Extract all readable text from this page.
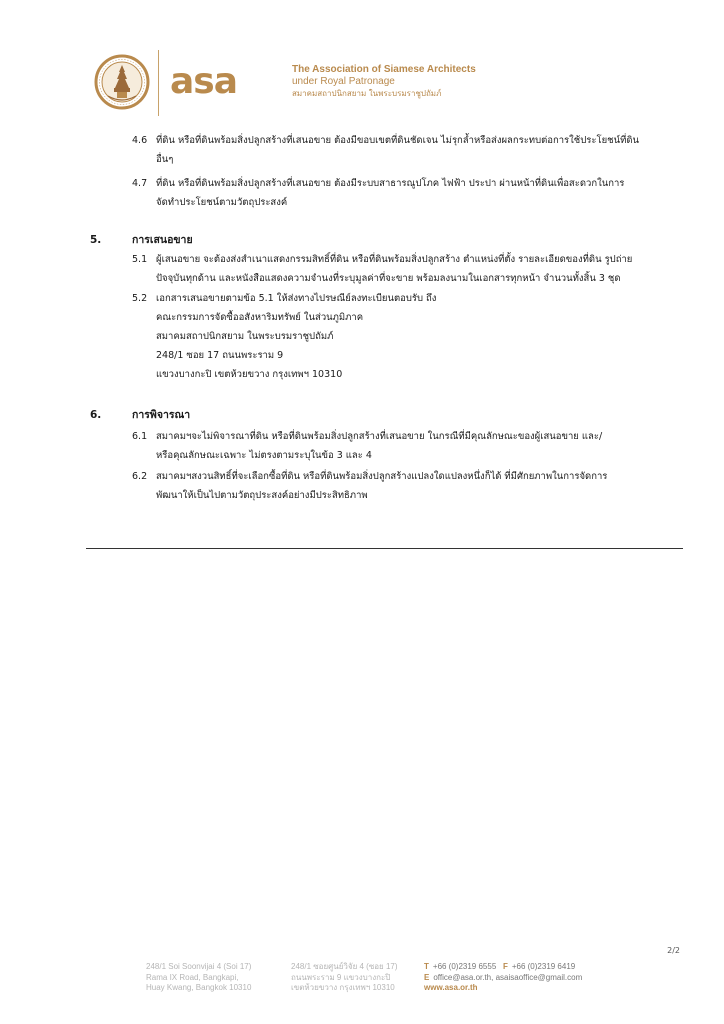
asa	The Association of Siamese Architects
under Royal Patronage
สมาคมสถาปนิกสยาม ในพระบรมราชูปถัมภ์
4.6 ที่ดิน หรือที่ดินพร้อมสิ่งปลูกสร้างที่เสนอขาย ต้องมีขอบเขตที่ดินชัดเจน ไม่รุกล้ำหรือส่งผลกระทบต่อการใช้ประโยชน์ที่ดิน
อื่นๆ
4.7 ที่ดิน หรือที่ดินพร้อมสิ่งปลูกสร้างที่เสนอขาย ต้องมีระบบสาธารณูปโภค ไฟฟ้า ประปา ผ่านหน้าที่ดินเพื่อสะดวกในการ
จัดทำประโยชน์ตามวัตถุประสงค์
5.	การเสนอขาย
5.1 ผู้เสนอขาย จะต้องส่งสำเนาแสดงกรรมสิทธิ์ที่ดิน หรือที่ดินพร้อมสิ่งปลูกสร้าง ตำแหน่งที่ตั้ง รายละเอียดของที่ดิน รูปถ่าย
ปัจจุบันทุกด้าน และหนังสือแสดงความจำนงที่ระบุมูลค่าที่จะขาย พร้อมลงนามในเอกสารทุกหน้า จำนวนทั้งสิ้น 3 ชุด
5.2 เอกสารเสนอขายตามข้อ 5.1 ให้ส่งทางไปรษณีย์ลงทะเบียนตอบรับ ถึง
คณะกรรมการจัดซื้ออสังหาริมทรัพย์ ในส่วนภูมิภาค
สมาคมสถาปนิกสยาม ในพระบรมราชูปถัมภ์
248/1 ซอย 17 ถนนพระราม 9
แขวงบางกะปิ เขตห้วยขวาง กรุงเทพฯ 10310
6.	การพิจารณา
6.1 สมาคมฯจะไม่พิจารณาที่ดิน หรือที่ดินพร้อมสิ่งปลูกสร้างที่เสนอขาย ในกรณีที่มีคุณลักษณะของผู้เสนอขาย และ/
หรือคุณลักษณะเฉพาะ ไม่ตรงตามระบุในข้อ 3 และ 4
6.2 สมาคมฯสงวนสิทธิ์ที่จะเลือกซื้อที่ดิน หรือที่ดินพร้อมสิ่งปลูกสร้างแปลงใดแปลงหนึ่งก็ได้ ที่มีศักยภาพในการจัดการ
พัฒนาให้เป็นไปตามวัตถุประสงค์อย่างมีประสิทธิภาพ
2/2
248/1 Soi Soonvijai 4 (Soi 17)
Rama IX Road, Bangkapi,
Huay Kwang, Bangkok 10310
248/1 ซอยศูนย์วิจัย 4 (ซอย 17)
ถนนพระราม 9 แขวงบางกะปิ
เขตห้วยขวาง กรุงเทพฯ 10310
T +66 (0)2319 6555 F +66 (0)2319 6419
E office@asa.or.th, asaisaoffice@gmail.com
www.asa.or.th
